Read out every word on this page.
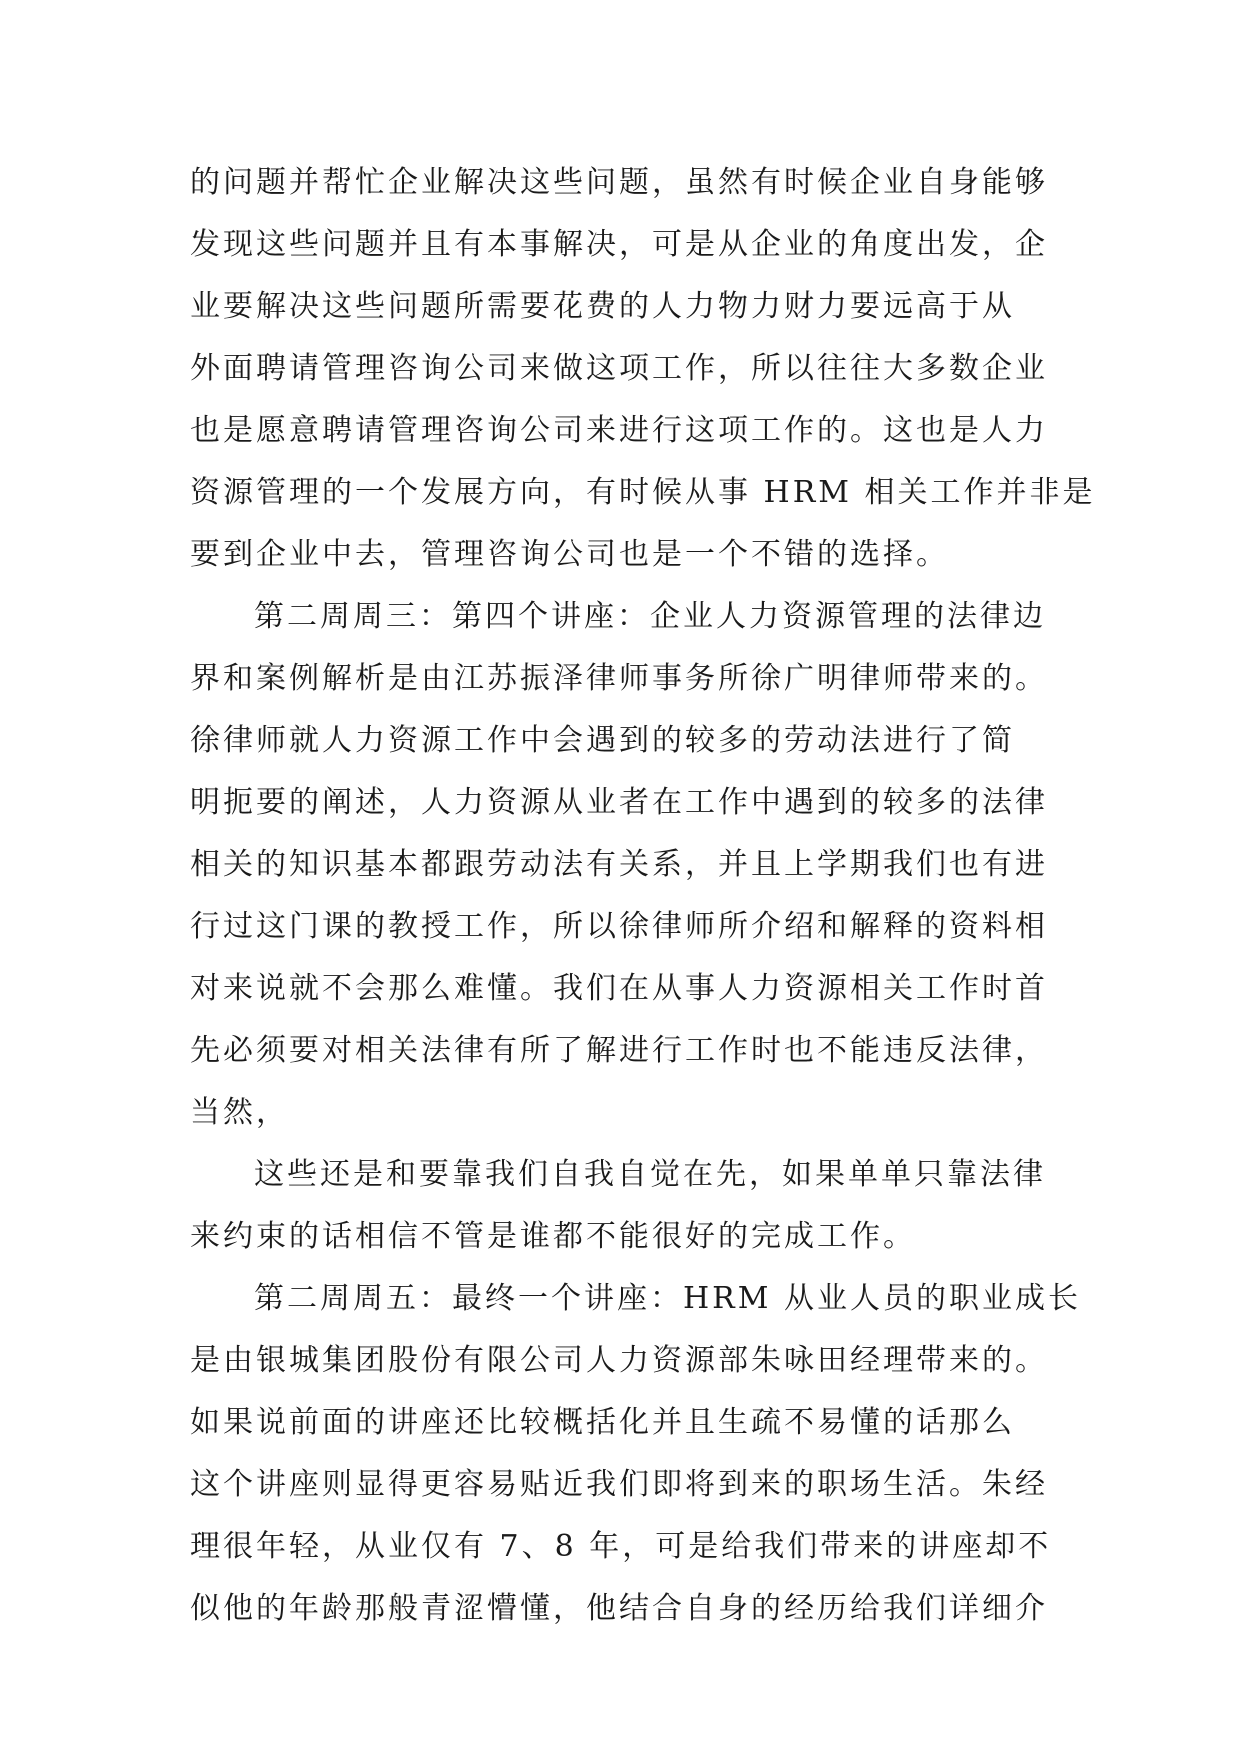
的问题并帮忙企业解决这些问题，虽然有时候企业自身能够
发现这些问题并且有本事解决，可是从企业的角度出发，企
业要解决这些问题所需要花费的人力物力财力要远高于从
外面聘请管理咨询公司来做这项工作，所以往往大多数企业
也是愿意聘请管理咨询公司来进行这项工作的。这也是人力
资源管理的一个发展方向，有时候从事 HRM 相关工作并非是
要到企业中去，管理咨询公司也是一个不错的选择。
第二周周三：第四个讲座：企业人力资源管理的法律边
界和案例解析是由江苏振泽律师事务所徐广明律师带来的。
徐律师就人力资源工作中会遇到的较多的劳动法进行了简
明扼要的阐述，人力资源从业者在工作中遇到的较多的法律
相关的知识基本都跟劳动法有关系，并且上学期我们也有进
行过这门课的教授工作，所以徐律师所介绍和解释的资料相
对来说就不会那么难懂。我们在从事人力资源相关工作时首
先必须要对相关法律有所了解进行工作时也不能违反法律，
当然，
这些还是和要靠我们自我自觉在先，如果单单只靠法律
来约束的话相信不管是谁都不能很好的完成工作。
第二周周五：最终一个讲座：HRM 从业人员的职业成长
是由银城集团股份有限公司人力资源部朱咏田经理带来的。
如果说前面的讲座还比较概括化并且生疏不易懂的话那么
这个讲座则显得更容易贴近我们即将到来的职场生活。朱经
理很年轻，从业仅有 7、8 年，可是给我们带来的讲座却不
似他的年龄那般青涩懵懂，他结合自身的经历给我们详细介
